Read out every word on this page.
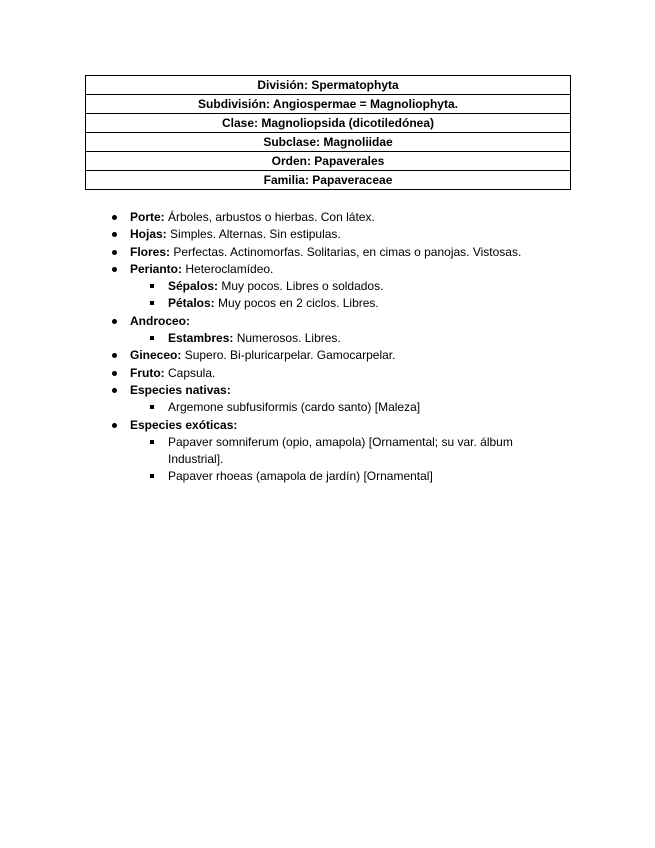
División: Spermatophyta
Subdivisión: Angiospermae = Magnoliophyta.
Clase: Magnoliopsida (dicotiledónea)
Subclase: Magnoliidae
Orden: Papaverales
Familia: Papaveraceae
Porte: Árboles, arbustos o hierbas. Con látex.
Hojas: Simples. Alternas. Sin estipulas.
Flores: Perfectas. Actinomorfas. Solitarias, en cimas o panojas. Vistosas.
Perianto: Heteroclamídeo.
Sépalos: Muy pocos. Libres o soldados.
Pétalos: Muy pocos en 2 ciclos. Libres.
Androceo:
Estambres: Numerosos. Libres.
Gineceo: Supero. Bi-pluricarpelar. Gamocarpelar.
Fruto: Capsula.
Especies nativas:
Argemone subfusiformis (cardo santo) [Maleza]
Especies exóticas:
Papaver somniferum (opio, amapola) [Ornamental; su var. álbum Industrial].
Papaver rhoeas (amapola de jardín) [Ornamental]
